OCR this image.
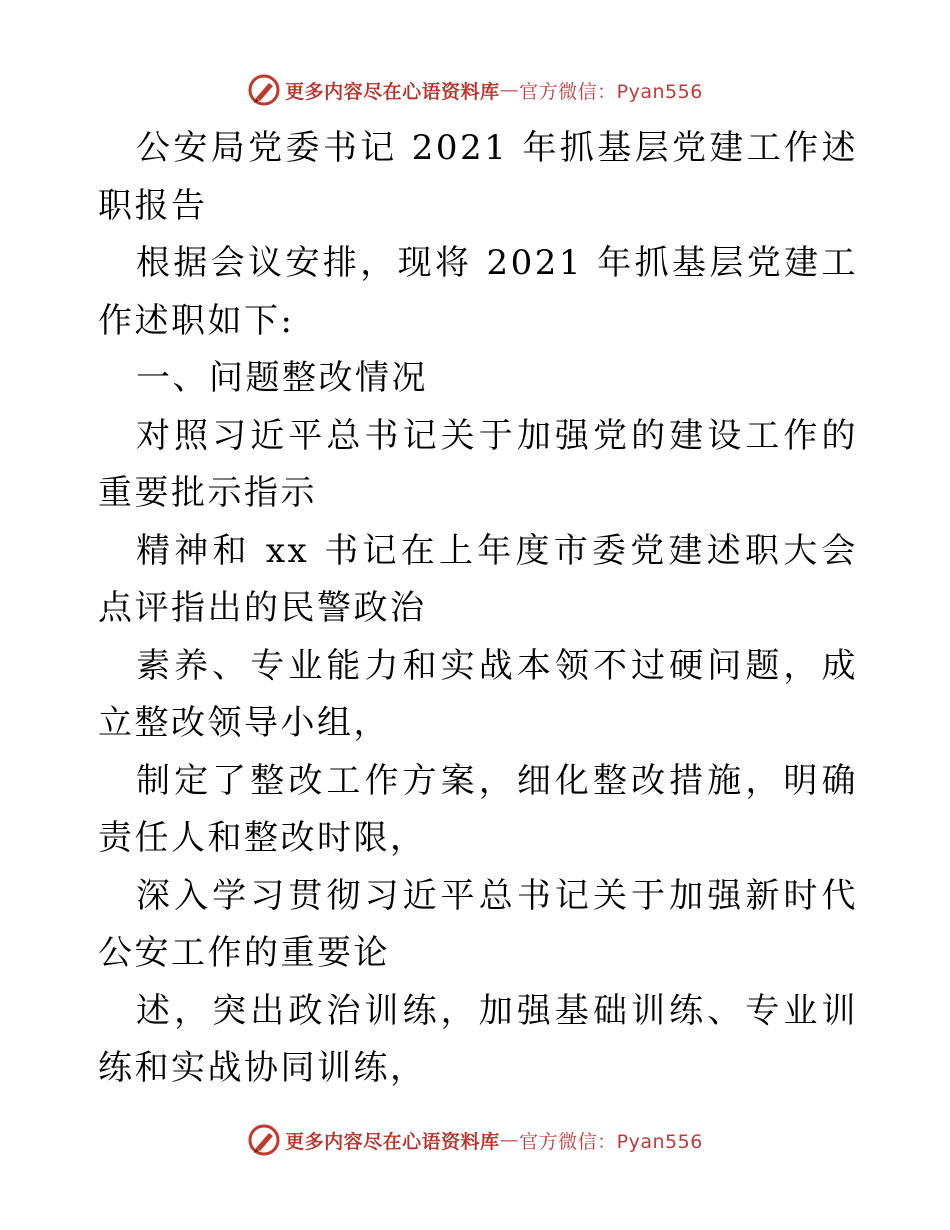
更多内容尽在心语资料库 — 官方微信：Pyan556

公安局党委书记 2021 年抓基层党建工作述职报告

根据会议安排，现将 2021 年抓基层党建工作述职如下:

一、问题整改情况

对照习近平总书记关于加强党的建设工作的重要批示指示

精神和 xx 书记在上年度市委党建述职大会点评指出的民警政治

素养、专业能力和实战本领不过硬问题，成立整改领导小组，

制定了整改工作方案，细化整改措施，明确责任人和整改时限，

深入学习贯彻习近平总书记关于加强新时代公安工作的重要论

述，突出政治训练，加强基础训练、专业训练和实战协同训练，

更多内容尽在心语资料库 — 官方微信：Pyan556
